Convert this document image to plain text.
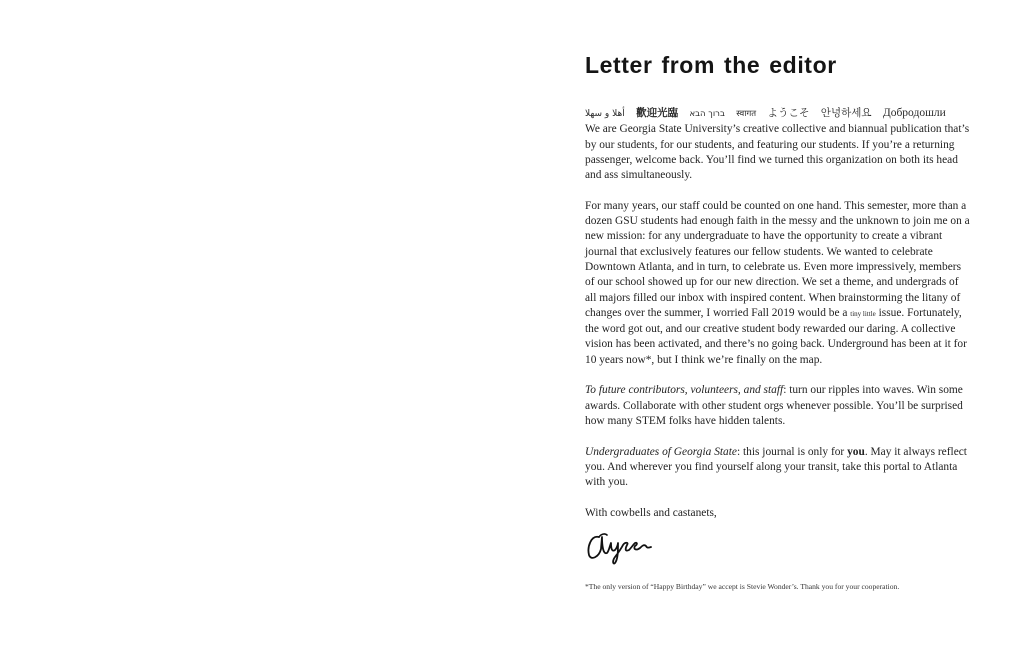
Letter from the editor
ﺃﻫﻼ ﻭ ﺳﻬﻼ 歡迎光臨 ברוך הבא स्वागत ようこそ 안녕하세요 Добродошли

We are Georgia State University’s creative collective and biannual publication that’s by our students, for our students, and featuring our students. If you’re a returning passenger, welcome back. You’ll find we turned this organization on both its head and ass simultaneously.

For many years, our staff could be counted on one hand. This semester, more than a dozen GSU students had enough faith in the messy and the unknown to join me on a new mission: for any undergraduate to have the opportunity to create a vibrant journal that exclusively features our fellow students. We wanted to celebrate Downtown Atlanta, and in turn, to celebrate us. Even more impressively, members of our school showed up for our new direction. We set a theme, and undergrads of all majors filled our inbox with inspired content. When brainstorming the litany of changes over the summer, I worried Fall 2019 would be a tiny little issue. Fortunately, the word got out, and our creative student body rewarded our daring. A collective vision has been activated, and there’s no going back. Underground has been at it for 10 years now*, but I think we’re finally on the map.

To future contributors, volunteers, and staff: turn our ripples into waves. Win some awards. Collaborate with other student orgs whenever possible. You’ll be surprised how many STEM folks have hidden talents.

Undergraduates of Georgia State: this journal is only for you. May it always reflect you. And wherever you find yourself along your transit, take this portal to Atlanta with you.

With cowbells and castanets,

*The only version of “Happy Birthday” we accept is Stevie Wonder’s. Thank you for your cooperation.
